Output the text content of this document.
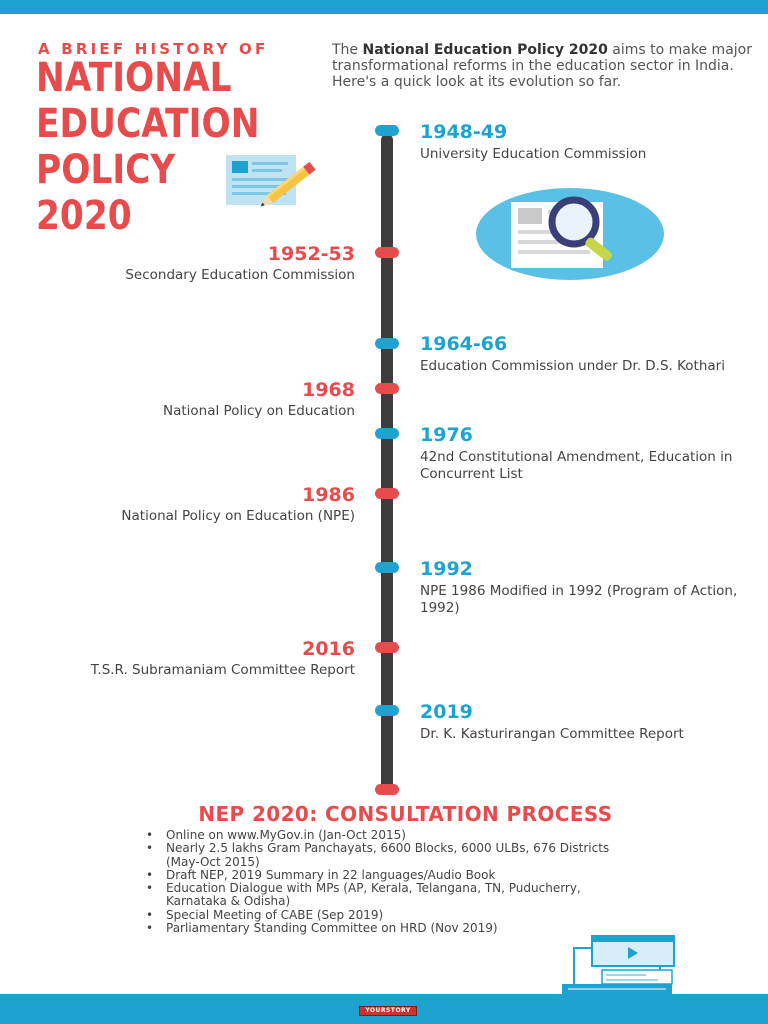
A BRIEF HISTORY OF
NATIONAL
EDUCATION
POLICY
2020

The National Education Policy 2020 aims to make major transformational reforms in the education sector in India. Here's a quick look at its evolution so far.

1948-49
University Education Commission
1952-53
Secondary Education Commission
1964-66
Education Commission under Dr. D.S. Kothari
1968
National Policy on Education
1976
42nd Constitutional Amendment, Education in Concurrent List
1986
National Policy on Education (NPE)
1992
NPE 1986 Modified in 1992 (Program of Action, 1992)
2016
T.S.R. Subramaniam Committee Report
2019
Dr. K. Kasturirangan Committee Report
NEP 2020: CONSULTATION PROCESS
• Online on www.MyGov.in (Jan-Oct 2015)
• Nearly 2.5 lakhs Gram Panchayats, 6600 Blocks, 6000 ULBs, 676 Districts (May-Oct 2015)
• Draft NEP, 2019 Summary in 22 languages/Audio Book
• Education Dialogue with MPs (AP, Kerala, Telangana, TN, Puducherry, Karnataka & Odisha)
• Special Meeting of CABE (Sep 2019)
• Parliamentary Standing Committee on HRD (Nov 2019)
YOURSTORY
